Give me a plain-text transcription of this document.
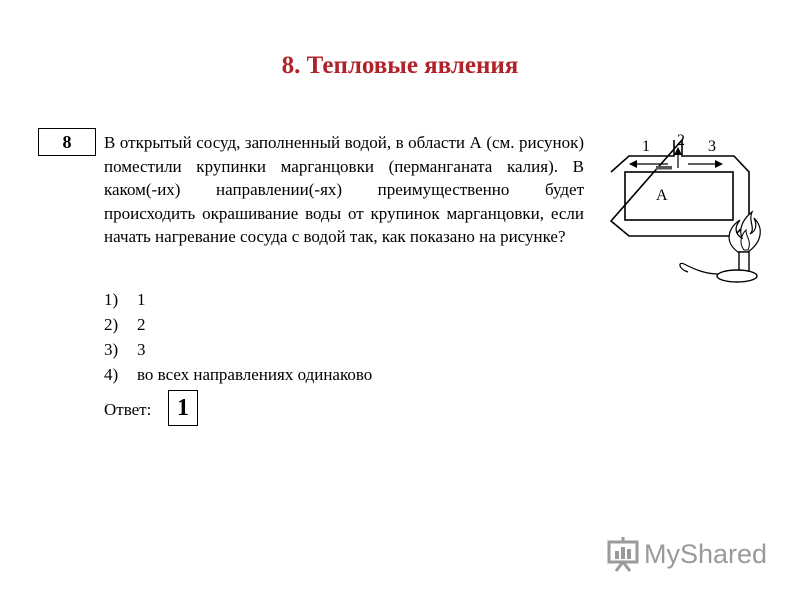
8. Тепловые явления
8	В открытый сосуд, заполненный водой, в области А (см. рисунок) поместили крупинки марганцовки (перманганата калия). В каком(-их) направлении(-ях) преимущественно будет происходить окрашивание воды от крупинок марганцовки, если начать нагревание сосуда с водой так, как показано на рисунке?
1) 1
2) 2
3) 3
4) во всех направлениях одинаково
Ответ:	1
1 2 3
А
MyShared
